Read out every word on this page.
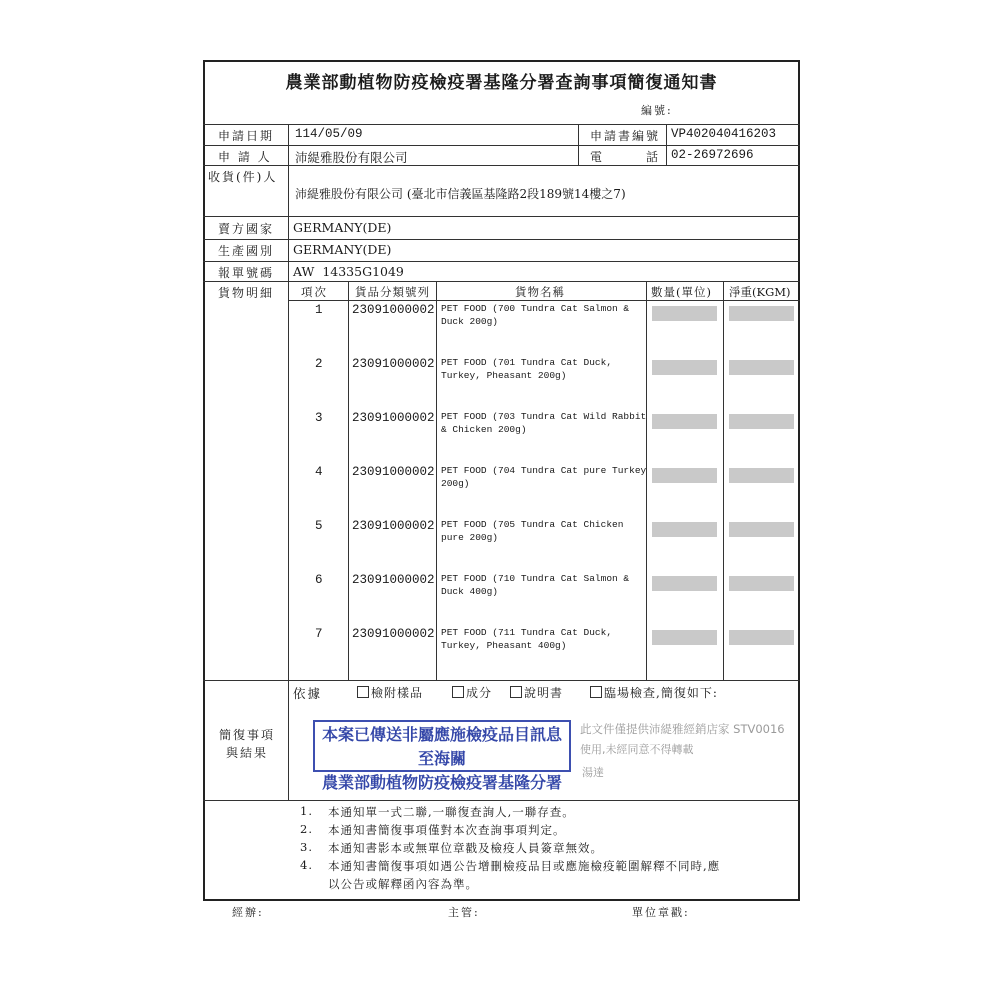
農業部動植物防疫檢疫署基隆分署查詢事項簡復通知書
編號:
申請日期 114/05/09	申請書編號 VP402040416203
申 請 人 沛緹雅股份有限公司	電　　　話 02-26972696
收貨(件)人
沛緹雅股份有限公司 (臺北市信義區基隆路2段189號14樓之7)
賣方國家 GERMANY(DE)
生產國別 GERMANY(DE)
報單號碼 AW  14335G1049
貨物明細 項次 貨品分類號列	貨物名稱	數量(單位) 淨重(KGM)
1 23091000002 PET FOOD (700 Tundra Cat Salmon &
Duck 200g)
2 23091000002 PET FOOD (701 Tundra Cat Duck,
Turkey, Pheasant 200g)
3 23091000002 PET FOOD (703 Tundra Cat Wild Rabbit
& Chicken 200g)
4 23091000002 PET FOOD (704 Tundra Cat pure Turkey
200g)
5 23091000002 PET FOOD (705 Tundra Cat Chicken
pure 200g)
6 23091000002 PET FOOD (710 Tundra Cat Salmon &
Duck 400g)
7 23091000002 PET FOOD (711 Tundra Cat Duck,
Turkey, Pheasant 400g)
簡復事項
與結果
依據	檢附樣品	成分	說明書	臨場檢查,簡復如下:
本案已傳送非屬應施檢疫品目訊息至海關
農業部動植物防疫檢疫署基隆分署
此文件僅提供沛緹雅經銷店家 STV0016
使用,未經同意不得轉載
湯達
1. 本通知單一式二聯,一聯復查詢人,一聯存查。
2. 本通知書簡復事項僅對本次查詢事項判定。
3. 本通知書影本或無單位章戳及檢疫人員簽章無效。
4. 本通知書簡復事項如遇公告增刪檢疫品目或應施檢疫範圍解釋不同時,應
以公告或解釋函內容為準。
經辦:	主管:	單位章戳:
